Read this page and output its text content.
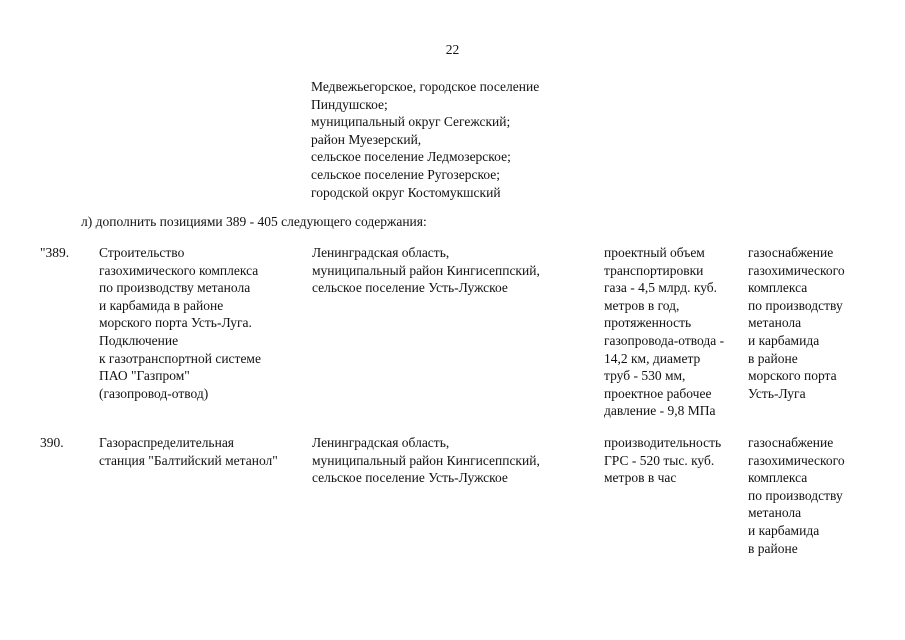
22
Медвежьегорское, городское поселение
Пиндушское;
муниципальный округ Сегежский;
район Муезерский,
сельское поселение Ледмозерское;
сельское поселение Ругозерское;
городской округ Костомукшский
л) дополнить позициями 389 - 405 следующего содержания:
"389. Строительство
газохимического комплекса
по производству метанола
и карбамида в районе
морского порта Усть-Луга.
Подключение
к газотранспортной системе
ПАО "Газпром"
(газопровод-отвод)
Ленинградская область,
муниципальный район Кингисеппский,
сельское поселение Усть-Лужское
проектный объем
транспортировки
газа - 4,5 млрд. куб.
метров в год,
протяженность
газопровода-отвода -
14,2 км, диаметр
труб - 530 мм,
проектное рабочее
давление - 9,8 МПа
газоснабжение
газохимического
комплекса
по производству
метанола
и карбамида
в районе
морского порта
Усть-Луга
390.	Газораспределительная
станция "Балтийский метанол"
Ленинградская область,
муниципальный район Кингисеппский,
сельское поселение Усть-Лужское
производительность
ГРС - 520 тыс. куб.
метров в час
газоснабжение
газохимического
комплекса
по производству
метанола
и карбамида
в районе
